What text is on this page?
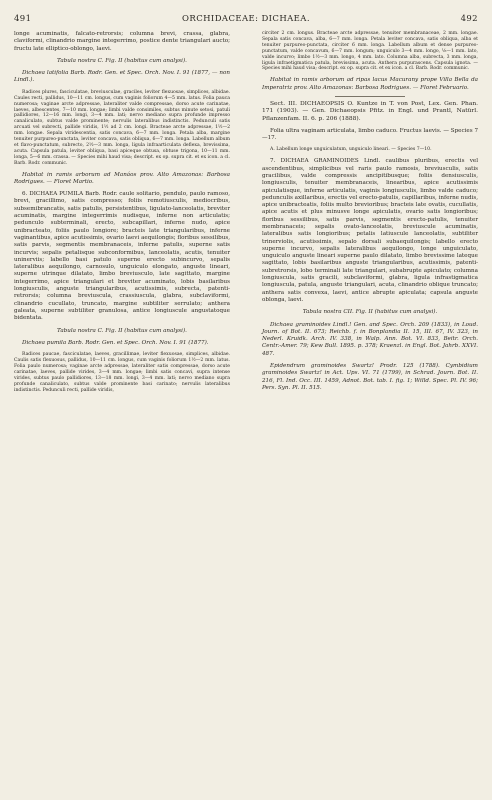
491	ORCHIDACEAE: DICHAEA.	492

longe acuminatis, falcato-retrorsis; columna brevi, crassa, glabra, claviformi, clinandrio margine integerrimo, postice dente triangulari aucto; fructu late elliptico-oblongo, laevi.

Tabula nostra C. Fig. II (habitus cum analysi).

Dichaea latifolia Barb. Rodr. Gen. et Spec. Orch. Nov. I. 91 (1877, — non Lindl.).

Radices plures, fasciculatae, breviusculae, graciles, leviter flexuosae, simplices, albidae. Caules recti, pallidus, 10—11 cm. longus, cum vaginis foliorum 4—5 mm. latus. Folia pauca numerosa; vaginae arcte adpressae, lateraliter valde compressae, dorso acute carinatae, laeves, albescentes, 7—10 mm. longae; limbi valde consimiles, subtus minute setosi, patuli pallidiores, 12—16 mm. longi, 3—4 mm. lati; nervo mediano supra profunde impresso canaliculato, subtus valde prominente; nervulis lateralibus indistinctis. Pedunculi satis arcuati vel subrecti, pallide viridis, 1½ ad 2 cm. longi. Bracteae arcte adpressae, 1½—2 mm. longae. Sepala viridescentia, satis concava, 6—7 mm. longa. Petala alba, margine tenuiter purpureo-punctata, leviter concava, satis obliqua, 6—7 mm. longa. Labellum album et flavo-punctatum, subrecto, 2½—3 mm. longa, ligula infraarticulata deflexa, brevissima, acuta. Capsula patula, leviter obliqua, basi apiceque obtusa, obtuse trigona, 10—11 mm. longa, 5—6 mm. crassa. — Species mihi haud visa; descript. ex op. supra cit. et ex icon. a cl. Barb. Rodr. communic.

Habitat in ramis arborum ad Manáos prov. Alto Amazonas: Barbosa Rodrigues. — Floret Martio.

6. DICHAEA PUMILA Barb. Rodr. caule solitario, pendulo, paulo ramoso, brevi, gracillimo, satis compresso; foliis remotiusculis, mediocribus, subsemibrancatis, satis patulis, persistentibus, ligulato-lanceolatis, breviter acuminatis, margine integerrimis nudisque, inferne non articulatis; pedunculo subterminali, erecto, subcapillari, inferne nudo, apice unibracteato, foliis paulo longiore; bracteis late triangularibus, inferne vaginantibus, apice acutissimis, ovario laevi aequilongis; floribus sessilibus, satis parvis, segmentis membranaceis, inferne patulis, superne satis incurvis; sepalis petalisque subconformibus, lanceolatis, acutis, tenuiter uninerviis; labello basi patulo superne erecto subincurvo, sepalis lateralibus aequilongo, carnosulo, unguiculo elongato, anguste lineari, superne utrinque dilatato, limbo breviusculo, late sagittato, margine integerrimo, apice triangulari et breviter acuminato, lobis basilaribus longiusculis, anguste triangularibus, acutissimis, subrecta, patenti-retrorsis; columna breviuscula, crassiuscula, glabra, subclaviformi, clinandrio cucullato, truncato, margine subtiliter serrulato; anthera galeata, superne subtiliter granulosa, antice longiuscule angustatoque bidentata.

Tabula nostra C. Fig. II (habitus cum analysi).

Dichaea pumila Barb. Rodr. Gen. et Spec. Orch. Nov. I. 91 (1877).

Radices paucae, fasciculatae, laeves, gracillimae, leviter flexuosae, simplices, albidae. Caulis satis flexuosus, pallidus, 10—11 cm. longus, cum vaginis foliorum 1½—2 mm. latus. Folia paulo numerosa; vaginae arcte adpressae, lateraliter satis compressae, dorso acute carinatae, laeves, pallide virides, 3—4 mm. longae; limbi satis concavi, supra intense virides, subtus paulo pallidiores, 13—18 mm. longi, 3—4 mm. lati; nervo mediano supra profunde canaliculato, subtus valde prominente basi carinato; nervulis lateralibus indistinctis. Pedunculi recti, pallide viridis,

circiter 2 cm. longus. Bracteae arcte adpressae, tenuiter membranaceae, 2 mm. longae. Sepala satis concava, alba, 6—7 mm. longa. Petala leviter concava, satis obliqua, alba et tenuiter purpureo-punctata, circiter 6 mm. longa. Labellum album et dense purpureo-punctatum, valde concavum, 6—7 mm. longum; unguiculo 3—4 mm. longo, ⅛—1 mm. lato, valde incurvo; limbo 1½—3 mm. longo, 4 mm. lato. Columna alba, subrecta, 3 mm. longa, ligula infraetigmatica patula, brevissima, acuta. Anthera purpurascens. Capsula ignota. — Species mihi haud visa; descript. ex op. supra cit. et ex icon. a cl. Barb. Rodr. communic.

Habitat in ramis arborum ad ripas lacus Macurany prope Villa Bella da Imperatriz prov. Alto Amazonas: Barbosa Rodrigues. — Floret Februario.

Sect. III. DICHAEOPSIS O. Kuntze in T. von Post, Lex. Gen. Phan. 171 (1903). — Gen. Dichaeopsis Pfitz. in Engl. und Prantl, Natürl. Pflanzenfam. II. 6. p. 206 (1888).

Folia ultra vaginam articulata, limbo caduco. Fructus laevis. — Species 7—17.

A. Labellum longe unguiculatum, unguiculo lineari. — Species 7—10.

7. DICHAEA GRAMINOIDES Lindl. caulibus pluribus, erectis vel ascendentibus, simplicibus vel raris paulo ramosis, breviusculis, satis gracilibus, valde compressis ancipitibusque; foliis densiusculis, longiusculis, tenuiter membranaceis, linearibus, apice acutissimis apiculatisque, inferne articulatis, vaginis longiusculis, limbo valde caduco; pedunculis axillaribus, erectis vel erecto-patulis, capillaribus, inferne nudis, apice unibracteatis, foliis multo brevioribus; bracteis late ovatis, cucullatis, apice acutis et plus minusve longe apiculatis, ovario satis longioribus; floribus sessilibus, satis parvis, segmentis erecto-patulis, tenuiter membranaceis; sepalis ovato-lanceolatis, breviuscule acuminatis, lateralibus satis longioribus; petalis latiuscule lanceolatis, subtiliter trinerviolis, acutissimis, sepalo dorsali subaequilongis; labello erecto superne incurvo, sepalis lateralibus aequilongo, longe unguiculato, unguiculo anguste lineari superne paulo dilatato, limbo brevissime lateque sagittato, lobis basilaribus anguste triangularibus, acutissimis, patenti-subretrorsis, lobo terminali late triangulari, subabrupte apiculato; columna longiuscula, satis gracili, subclaviformi, glabra, ligula infrastigmatica longiuscula, patula, anguste triangulari, acuta, clinandrio oblique truncato; anthera satis convexa, laevi, antice abrupte apiculata; capsula anguste oblonga, laevi.

Tabula nostra CII. Fig. II (habitus cum analysi).

Dichaea graminoides Lindl.! Gen. and Spec. Orch. 209 (1833), in Loud. Journ. of Bot. II. 673; Reichb. f. in Bonplandia II. 15, III. 67, IV. 323, in Nederl. Kruidk. Arch. IV. 338, in Walp. Ann. Bot. VI. 833, Beitr. Orch. Centr.-Amer. 79; Kew Bull. 1895. p. 378; Kraenzl. in Engl. Bot. Jahrb. XXVI. 487.

Epidendrum graminoides Swartz! Prodr. 125 (1788). Cymbidium graminoides Swartz! in Act. Ups. VI. 71 (1799), in Schrad. Journ. Bot. II. 216, Fl. Ind. Occ. III. 1459, Adnot. Bot. tab. I. fig. 1; Willd. Spec. Pl. IV. 96; Pers. Syn. Pl. II. 515.
